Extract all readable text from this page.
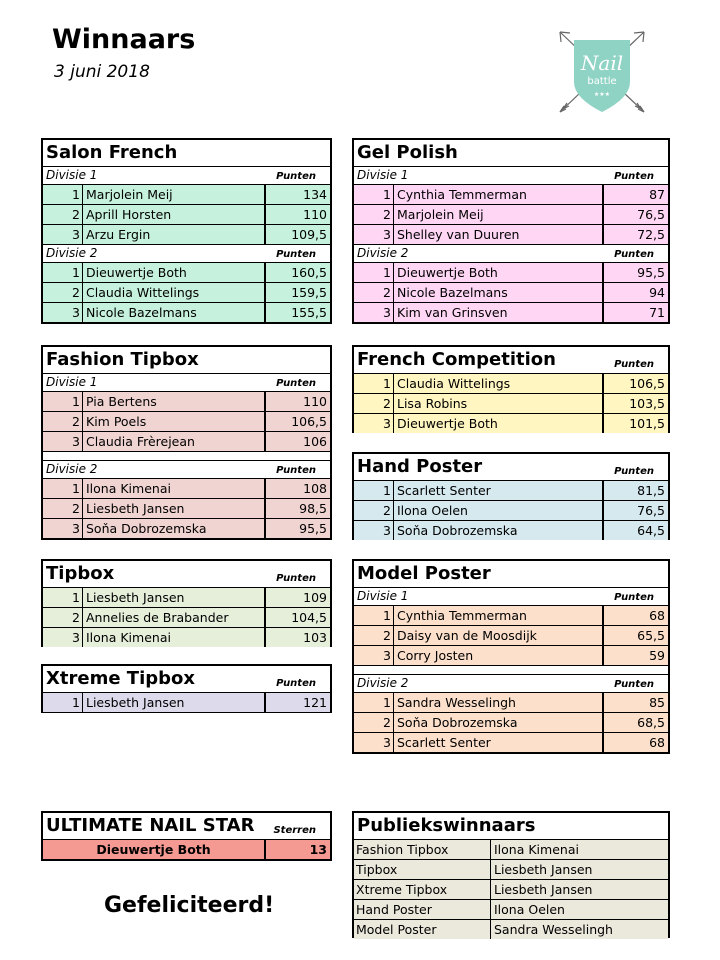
Winnaars
3 juni 2018	Nail
battle
★★★
Salon French
Divisie 1	Punten
1 Marjolein Meij	134
2 Aprill Horsten	110
3 Arzu Ergin	109,5
Divisie 2	Punten
1 Dieuwertje Both	160,5
2 Claudia Wittelings	159,5
3 Nicole Bazelmans	155,5
Gel Polish
Divisie 1	Punten
1 Cynthia Temmerman	87
2 Marjolein Meij	76,5
3 Shelley van Duuren	72,5
Divisie 2	Punten
1 Dieuwertje Both	95,5
2 Nicole Bazelmans	94
3 Kim van Grinsven	71
Fashion Tipbox
Divisie 1	Punten
1 Pia Bertens	110
2 Kim Poels	106,5
3 Claudia Frèrejean	106
Divisie 2	Punten
1 Ilona Kimenai	108
2 Liesbeth Jansen	98,5
3 Soňa Dobrozemska	95,5
French Competition	Punten
1 Claudia Wittelings	106,5
2 Lisa Robins	103,5
3 Dieuwertje Both	101,5
Hand Poster	Punten
1 Scarlett Senter	81,5
2 Ilona Oelen	76,5
3 Soňa Dobrozemska	64,5
Tipbox	Punten
1 Liesbeth Jansen	109
2 Annelies de Brabander	104,5
3 Ilona Kimenai	103
Xtreme Tipbox	Punten
1 Liesbeth Jansen	121
Model Poster
Divisie 1	Punten
1 Cynthia Temmerman	68
2 Daisy van de Moosdijk	65,5
3 Corry Josten	59
Divisie 2	Punten
1 Sandra Wesselingh	85
2 Soňa Dobrozemska	68,5
3 Scarlett Senter	68
ULTIMATE NAIL STAR Sterren
Dieuwertje Both	13
Publiekswinnaars
Fashion Tipbox	Ilona Kimenai
Tipbox	Liesbeth Jansen
Xtreme Tipbox	Liesbeth Jansen
Hand Poster	Ilona Oelen
Model Poster	Sandra Wesselingh
Gefeliciteerd!
